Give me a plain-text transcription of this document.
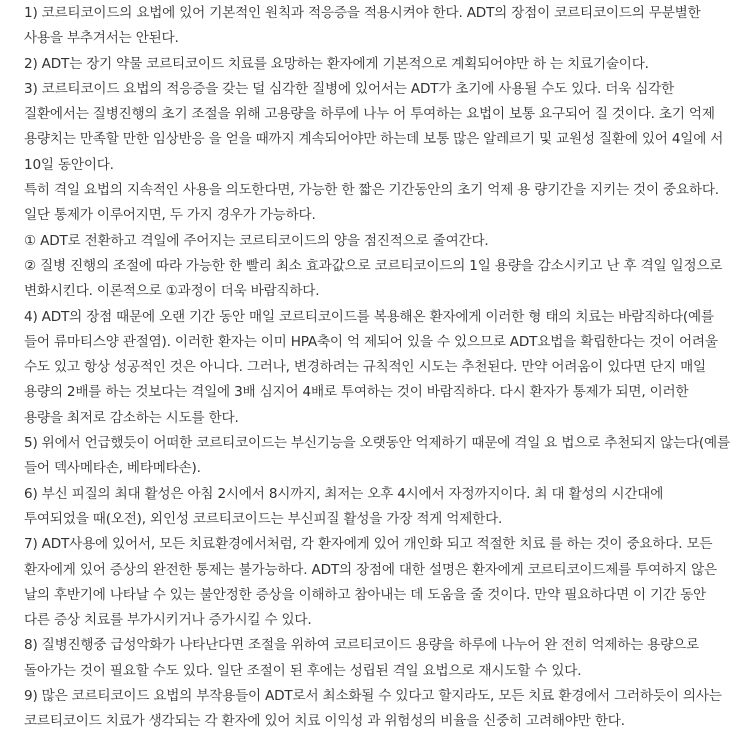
1) 코르티코이드의 요법에 있어 기본적인 원칙과 적응증을 적용시켜야 한다. ADT의 장점이 코르티코이드의 무분별한 사용을 부추겨서는 안된다.

2) ADT는 장기 약물 코르티코이드 치료를 요망하는 환자에게 기본적으로 계획되어야만 하 는 치료기술이다.

3) 코르티코이드 요법의 적응증을 갖는 덜 심각한 질병에 있어서는 ADT가 초기에 사용될 수도 있다. 더욱 심각한 질환에서는 질병진행의 초기 조절을 위해 고용량을 하루에 나누 어 투여하는 요법이 보통 요구되어 질 것이다. 초기 억제 용량치는 만족할 만한 임상반응 을 얻을 때까지 계속되어야만 하는데 보통 많은 알레르기 및 교원성 질환에 있어 4일에 서 10일 동안이다.

특히 격일 요법의 지속적인 사용을 의도한다면, 가능한 한 짧은 기간동안의 초기 억제 용 량기간을 지키는 것이 중요하다. 일단 통제가 이루어지면, 두 가지 경우가 가능하다.

① ADT로 전환하고 격일에 주어지는 코르티코이드의 양을 점진적으로 줄여간다.

② 질병 진행의 조절에 따라 가능한 한 빨리 최소 효과값으로 코르티코이드의 1일 용량을 감소시키고 난 후 격일 일정으로 변화시킨다. 이론적으로 ①과정이 더욱 바람직하다.

4) ADT의 장점 때문에 오랜 기간 동안 매일 코르티코이드를 복용해온 환자에게 이러한 형 태의 치료는 바람직하다(예를 들어 류마티스양 관절염). 이러한 환자는 이미 HPA축이 억 제되어 있을 수 있으므로 ADT요법을 확립한다는 것이 어려울 수도 있고 항상 성공적인 것은 아니다. 그러나, 변경하려는 규칙적인 시도는 추천된다. 만약 어려움이 있다면 단지 매일 용량의 2배를 하는 것보다는 격일에 3배 심지어 4배로 투여하는 것이 바람직하다. 다시 환자가 통제가 되면, 이러한 용량을 최저로 감소하는 시도를 한다.

5) 위에서 언급했듯이 어떠한 코르티코이드는 부신기능을 오랫동안 억제하기 때문에 격일 요 법으로 추천되지 않는다(예를 들어 덱사메타손, 베타메타손).

6) 부신 피질의 최대 활성은 아침 2시에서 8시까지, 최저는 오후 4시에서 자정까지이다. 최 대 활성의 시간대에 투여되었을 때(오전), 외인성 코르티코이드는 부신피질 활성을 가장 적게 억제한다.

7) ADT사용에 있어서, 모든 치료환경에서처럼, 각 환자에게 있어 개인화 되고 적절한 치료 를 하는 것이 중요하다. 모든 환자에게 있어 증상의 완전한 통제는 불가능하다. ADT의 장점에 대한 설명은 환자에게 코르티코이드제를 투여하지 않은 날의 후반기에 나타날 수 있는 불안정한 증상을 이해하고 참아내는 데 도움을 줄 것이다. 만약 필요하다면 이 기간 동안 다른 증상 치료를 부가시키거나 증가시킬 수 있다.

8) 질병진행중 급성악화가 나타난다면 조절을 위하여 코르티코이드 용량을 하루에 나누어 완 전히 억제하는 용량으로 돌아가는 것이 필요할 수도 있다. 일단 조절이 된 후에는 성립된 격일 요법으로 재시도할 수 있다.

9) 많은 코르티코이드 요법의 부작용들이 ADT로서 최소화될 수 있다고 할지라도, 모든 치료 환경에서 그러하듯이 의사는 코르티코이드 치료가 생각되는 각 환자에 있어 치료 이익성 과 위험성의 비율을 신중히 고려해야만 한다.
